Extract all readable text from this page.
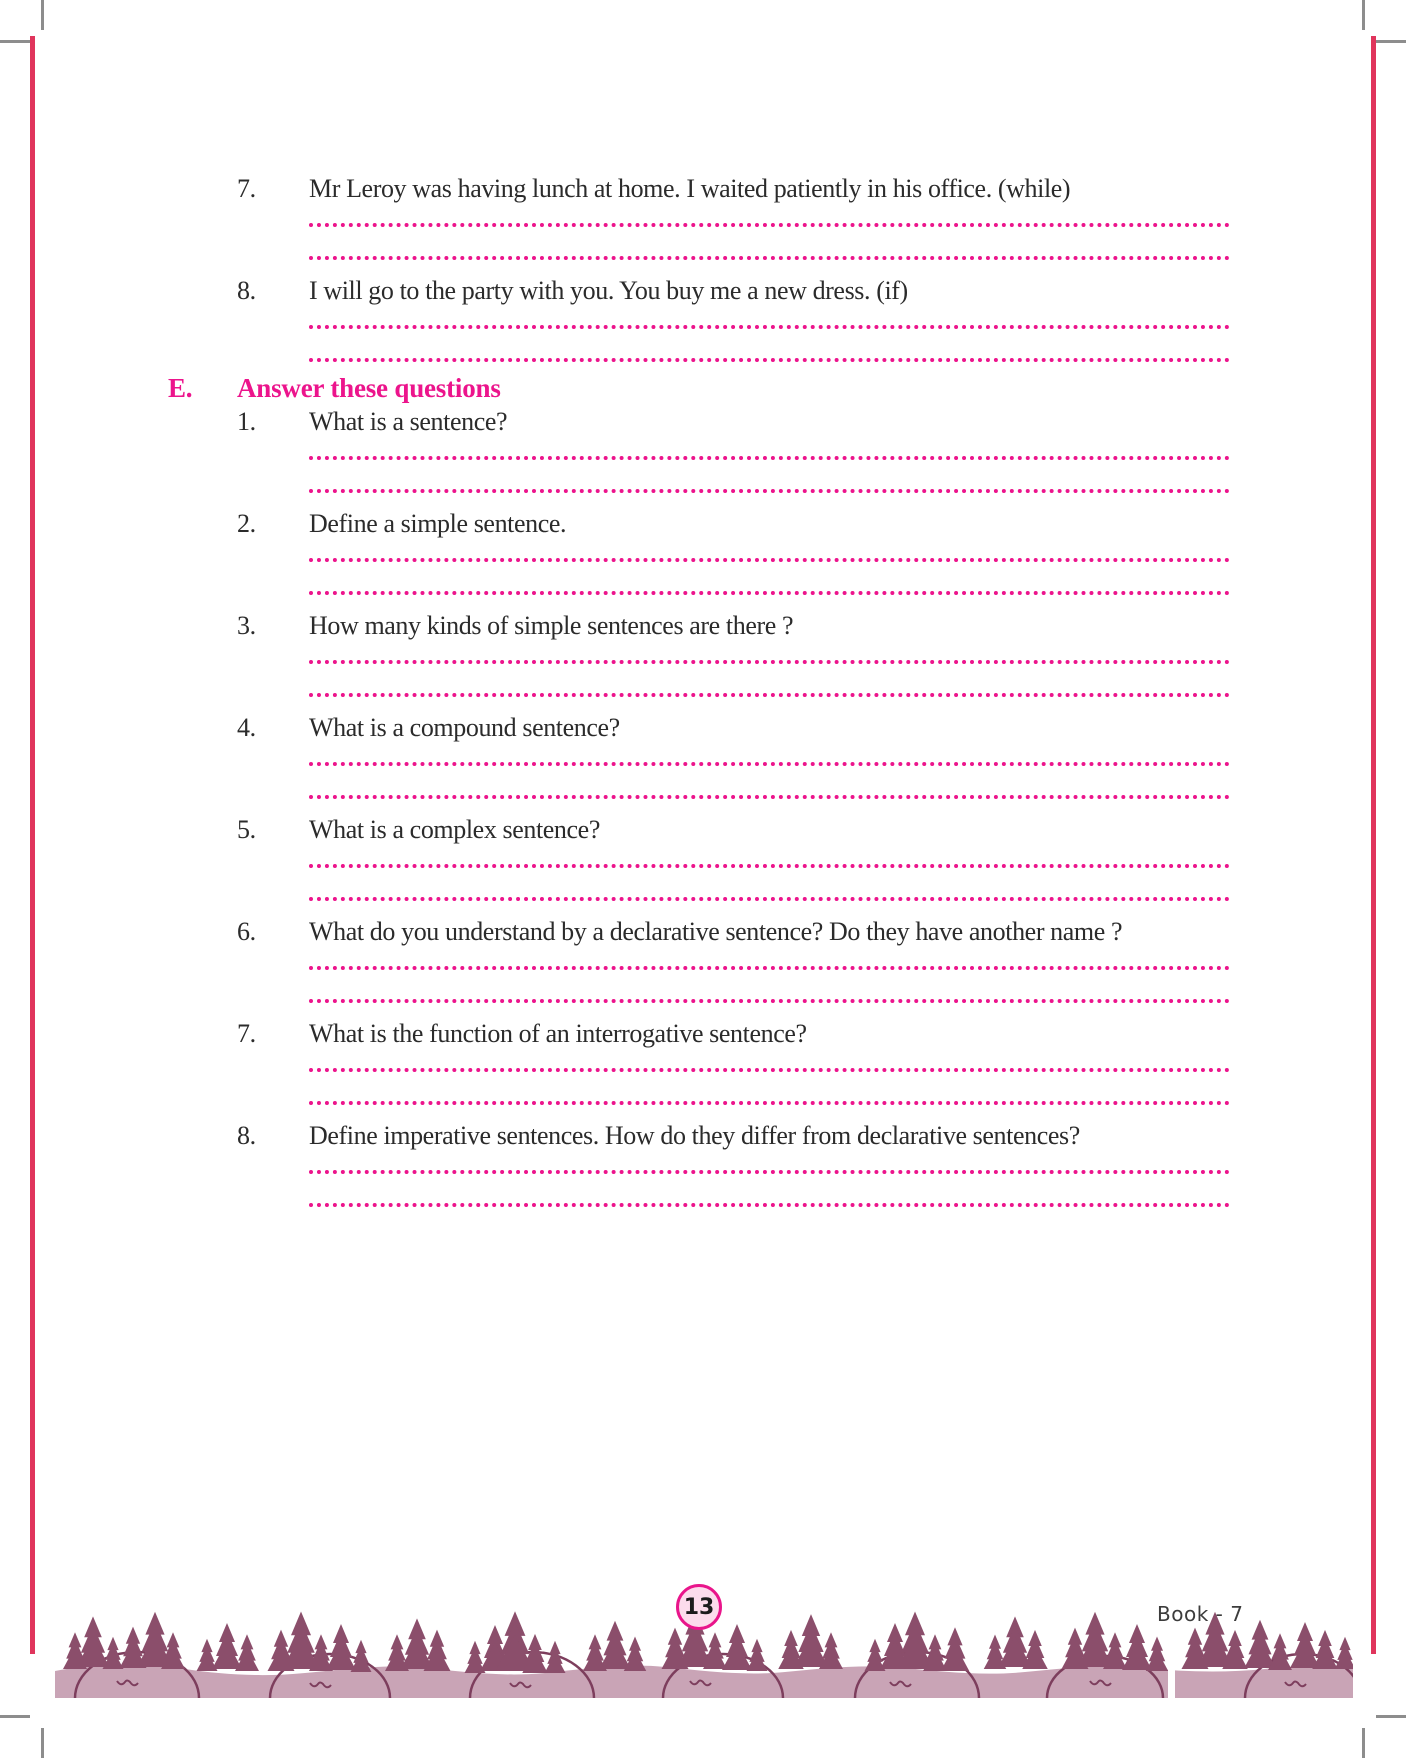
7.	Mr Leroy was having lunch at home. I waited patiently in his office. (while)
8.	I will go to the party with you. You buy me a new dress. (if)
E.	Answer these questions
1.	What is a sentence?
2.	Define a simple sentence.
3.	How many kinds of simple sentences are there ?
4.	What is a compound sentence?
5.	What is a complex sentence?
6.	What do you understand by a declarative sentence? Do they have another name ?
7.	What is the function of an interrogative sentence?
8.	Define imperative sentences. How do they differ from declarative sentences?
13	Book - 7
